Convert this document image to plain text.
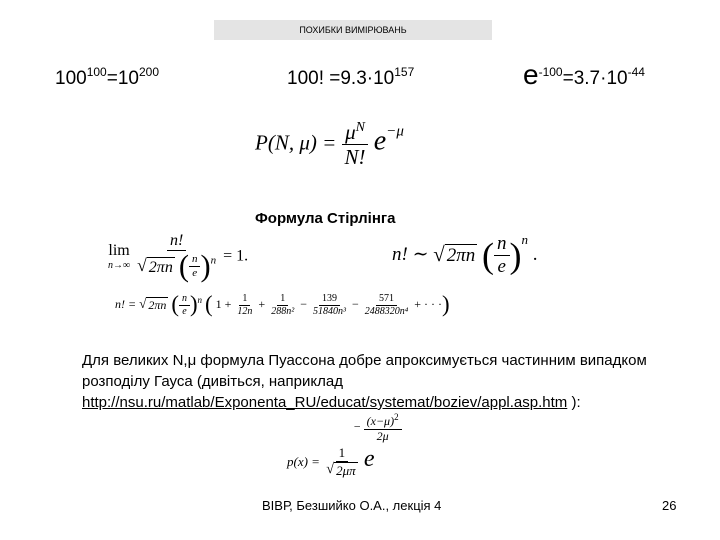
ПОХИБКИ ВИМІРЮВАНЬ
$100^{100}=10^{200}$	100! $=9.3\cdot 10^{157}$	$e^{-100}=3.7\cdot 10^{-44}$
P(N, $\mu) = \frac{\mu^N}{N!} e^{-\mu}$
Формула Стірлінга
lim
n→∞
$\frac{n!}{√ 2\pi n ( \frac{n}{e} )^n} = 1$.	n! ∼ √ 2πn ( $\frac{n}{e} )^n$ .
n! = √ 2πn ( $\frac{n}{e} )^n$ ( $1 + \frac{1}{12n} + \frac{1}{\text{288n²}} - \frac{139}{\text{51840n³}} - \frac{571}{\text{2488320n⁴}}$ + · · ·)
Для великих N,μ формула Пуассона добре апроксимується частинним випадком розподілу Гауса (дивіться, наприклад
http://nsu.ru/matlab/Exponenta_RU/educat/systemat/boziev/appl.asp.htm ):
$p(x) = \frac{1}{√ 2\mu\pi}$ e
− $\frac{(x-\mu)^2}{2\mu}$
ВІВР, Безшийко О.А., лекція 4	26
